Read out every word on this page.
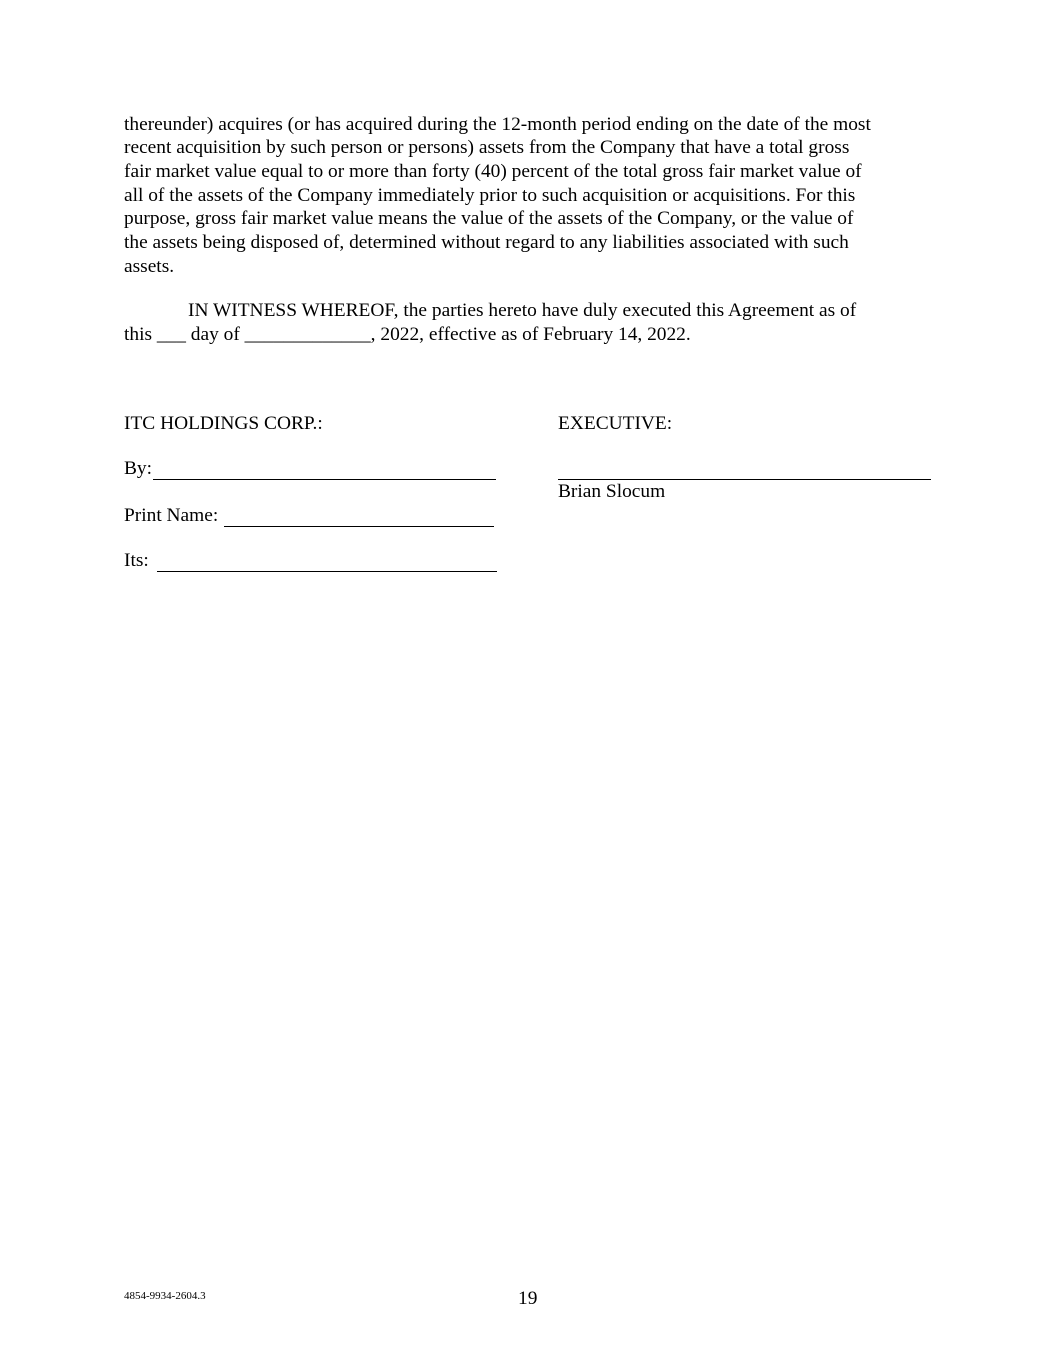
thereunder) acquires (or has acquired during the 12-month period ending on the date of the most
recent acquisition by such person or persons) assets from the Company that have a total gross
fair market value equal to or more than forty (40) percent of the total gross fair market value of
all of the assets of the Company immediately prior to such acquisition or acquisitions. For this
purpose, gross fair market value means the value of the assets of the Company, or the value of
the assets being disposed of, determined without regard to any liabilities associated with such
assets.
IN WITNESS WHEREOF, the parties hereto have duly executed this Agreement as of
this ___ day of _____________, 2022, effective as of February 14, 2022.
ITC HOLDINGS CORP.:
By:
Print Name:
Its:
EXECUTIVE:
Brian Slocum
4854-9934-2604.3	19
